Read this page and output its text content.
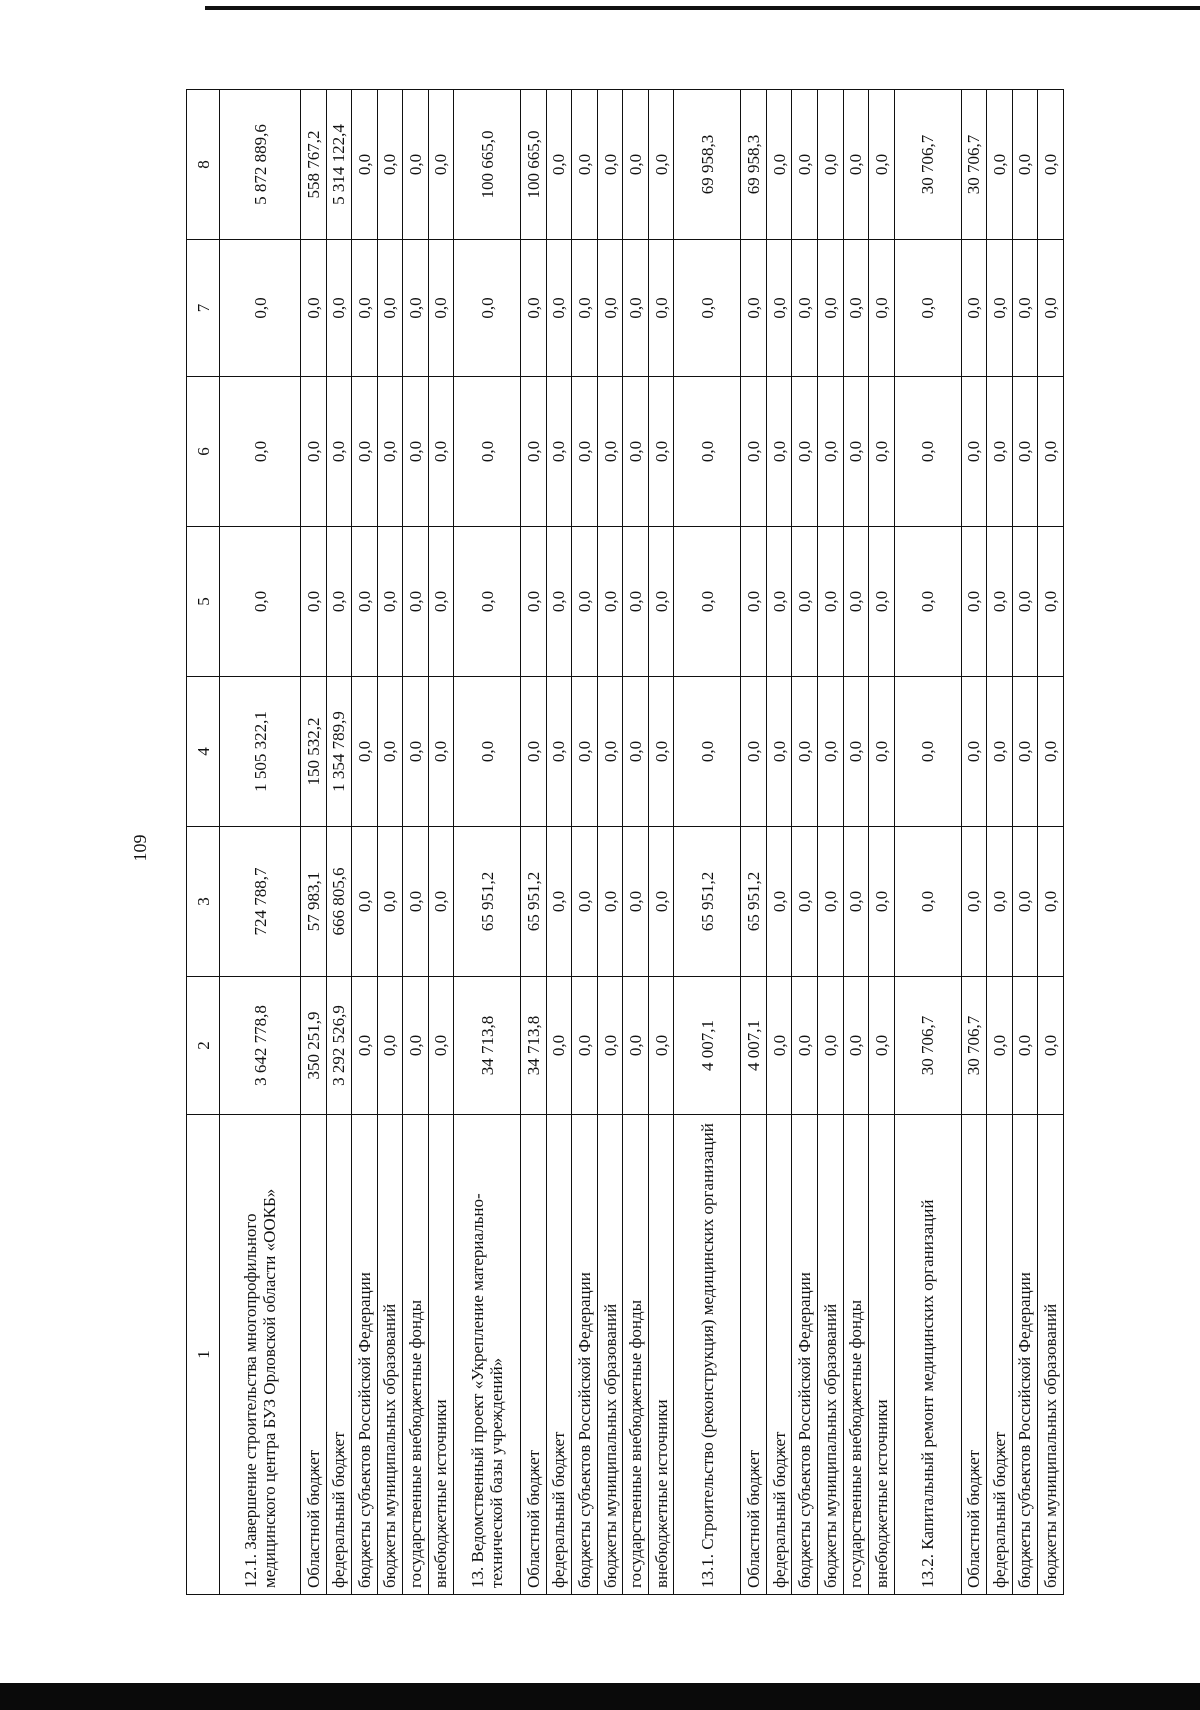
109
1	2	3	4	5	6	7	8
12.1. Завершение строительства многопрофильного медицинского центра БУЗ Орловской области «ООКБ»	3 642 778,8	724 788,7	1 505 322,1	0,0	0,0	0,0	5 872 889,6
Областной бюджет	350 251,9	57 983,1	150 532,2	0,0	0,0	0,0	558 767,2
федеральный бюджет	3 292 526,9	666 805,6	1 354 789,9	0,0	0,0	0,0	5 314 122,4
бюджеты субъектов Российской Федерации	0,0	0,0	0,0	0,0	0,0	0,0	0,0
бюджеты муниципальных образований	0,0	0,0	0,0	0,0	0,0	0,0	0,0
государственные внебюджетные фонды	0,0	0,0	0,0	0,0	0,0	0,0	0,0
внебюджетные источники	0,0	0,0	0,0	0,0	0,0	0,0	0,0
13. Ведомственный проект «Укрепление материально-технической базы учреждений»	34 713,8	65 951,2	0,0	0,0	0,0	0,0	100 665,0
Областной бюджет	34 713,8	65 951,2	0,0	0,0	0,0	0,0	100 665,0
федеральный бюджет	0,0	0,0	0,0	0,0	0,0	0,0	0,0
бюджеты субъектов Российской Федерации	0,0	0,0	0,0	0,0	0,0	0,0	0,0
бюджеты муниципальных образований	0,0	0,0	0,0	0,0	0,0	0,0	0,0
государственные внебюджетные фонды	0,0	0,0	0,0	0,0	0,0	0,0	0,0
внебюджетные источники	0,0	0,0	0,0	0,0	0,0	0,0	0,0
13.1. Строительство (реконструкция) медицинских организаций	4 007,1	65 951,2	0,0	0,0	0,0	0,0	69 958,3
Областной бюджет	4 007,1	65 951,2	0,0	0,0	0,0	0,0	69 958,3
федеральный бюджет	0,0	0,0	0,0	0,0	0,0	0,0	0,0
бюджеты субъектов Российской Федерации	0,0	0,0	0,0	0,0	0,0	0,0	0,0
бюджеты муниципальных образований	0,0	0,0	0,0	0,0	0,0	0,0	0,0
государственные внебюджетные фонды	0,0	0,0	0,0	0,0	0,0	0,0	0,0
внебюджетные источники	0,0	0,0	0,0	0,0	0,0	0,0	0,0
13.2. Капитальный ремонт медицинских организаций	30 706,7	0,0	0,0	0,0	0,0	0,0	30 706,7
Областной бюджет	30 706,7	0,0	0,0	0,0	0,0	0,0	30 706,7
федеральный бюджет	0,0	0,0	0,0	0,0	0,0	0,0	0,0
бюджеты субъектов Российской Федерации	0,0	0,0	0,0	0,0	0,0	0,0	0,0
бюджеты муниципальных образований	0,0	0,0	0,0	0,0	0,0	0,0	0,0
